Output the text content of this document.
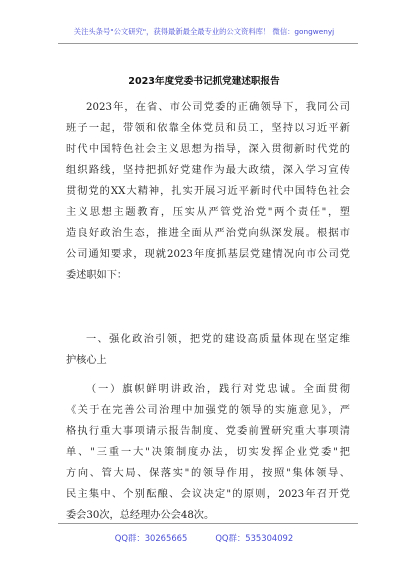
关注头条号"公文研究"，获得最新最全最专业的公文资料库！ 微信：gongwenyj
2023年度党委书记抓党建述职报告
2023年，在省、市公司党委的正确领导下，我同公司
班子一起，带领和依靠全体党员和员工，坚持以习近平新
时代中国特色社会主义思想为指导，深入贯彻新时代党的
组织路线，坚持把抓好党建作为最大政绩，深入学习宣传
贯彻党的XX大精神，扎实开展习近平新时代中国特色社会
主义思想主题教育，压实从严管党治党"两个责任"，塑
造良好政治生态，推进全面从严治党向纵深发展。根据市
公司通知要求，现就2023年度抓基层党建情况向市公司党
委述职如下：
一、强化政治引领，把党的建设高质量体现在坚定维
护核心上
（一）旗帜鲜明讲政治，践行对党忠诚。全面贯彻
《关于在完善公司治理中加强党的领导的实施意见》，严
格执行重大事项请示报告制度、党委前置研究重大事项清
单、"三重一大"决策制度办法，切实发挥企业党委"把
方向、管大局、保落实"的领导作用，按照"集体领导、
民主集中、个别酝酿、会议决定"的原则，2023年召开党
委会30次，总经理办公会48次。
QQ群：30265665	QQ群：535304092
